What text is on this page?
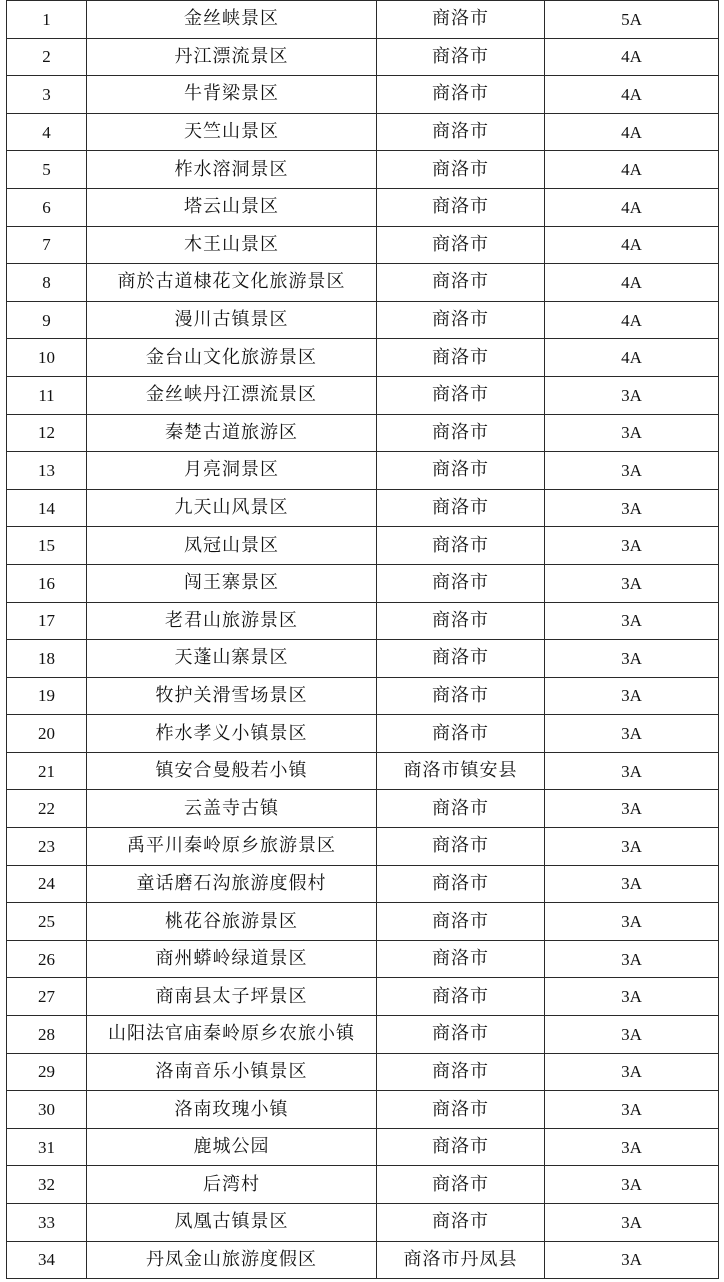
1	金丝峡景区	商洛市	5A
2	丹江漂流景区	商洛市	4A
3	牛背梁景区	商洛市	4A
4	天竺山景区	商洛市	4A
5	柞水溶洞景区	商洛市	4A
6	塔云山景区	商洛市	4A
7	木王山景区	商洛市	4A
8	商於古道棣花文化旅游景区	商洛市	4A
9	漫川古镇景区	商洛市	4A
10	金台山文化旅游景区	商洛市	4A
11	金丝峡丹江漂流景区	商洛市	3A
12	秦楚古道旅游区	商洛市	3A
13	月亮洞景区	商洛市	3A
14	九天山风景区	商洛市	3A
15	凤冠山景区	商洛市	3A
16	闯王寨景区	商洛市	3A
17	老君山旅游景区	商洛市	3A
18	天蓬山寨景区	商洛市	3A
19	牧护关滑雪场景区	商洛市	3A
20	柞水孝义小镇景区	商洛市	3A
21	镇安合曼般若小镇	商洛市镇安县	3A
22	云盖寺古镇	商洛市	3A
23	禹平川秦岭原乡旅游景区	商洛市	3A
24	童话磨石沟旅游度假村	商洛市	3A
25	桃花谷旅游景区	商洛市	3A
26	商州蟒岭绿道景区	商洛市	3A
27	商南县太子坪景区	商洛市	3A
28	山阳法官庙秦岭原乡农旅小镇	商洛市	3A
29	洛南音乐小镇景区	商洛市	3A
30	洛南玫瑰小镇	商洛市	3A
31	鹿城公园	商洛市	3A
32	后湾村	商洛市	3A
33	凤凰古镇景区	商洛市	3A
34	丹凤金山旅游度假区	商洛市丹凤县	3A
